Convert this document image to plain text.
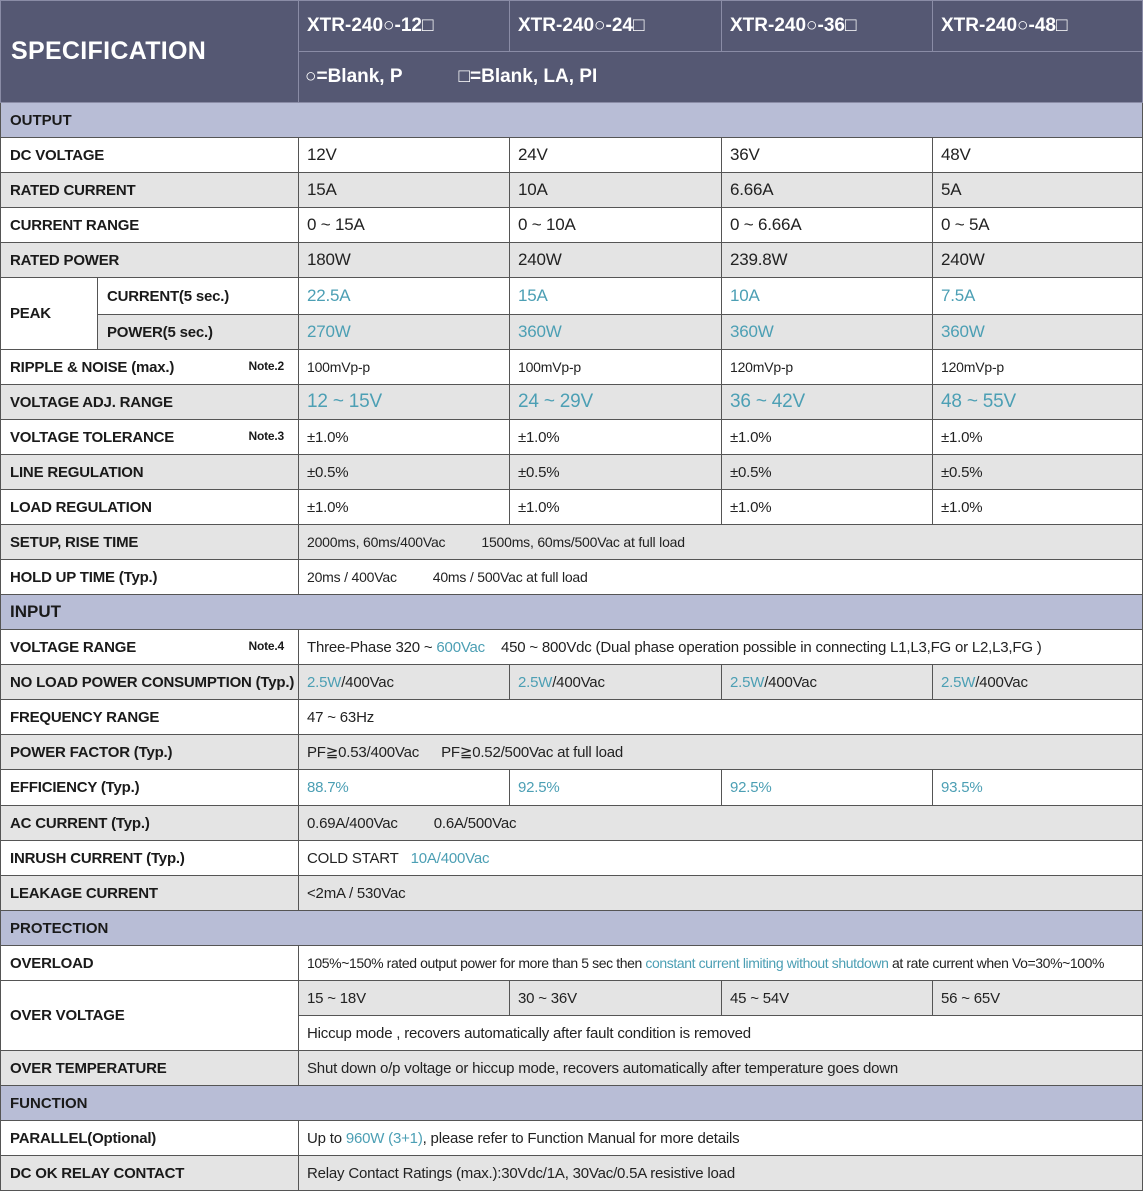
SPECIFICATION		XTR-240○-12□	XTR-240○-24□	XTR-240○-36□	XTR-240○-48□
		○=Blank, P □=Blank, LA, PI			
OUTPUT					
DC VOLTAGE		12V	24V	36V	48V
RATED CURRENT		15A	10A	6.66A	5A
CURRENT RANGE		0 ~ 15A	0 ~ 10A	0 ~ 6.66A	0 ~ 5A
RATED POWER		180W	240W	239.8W	240W
PEAK	CURRENT(5 sec.)	22.5A	15A	10A	7.5A
	POWER(5 sec.)	270W	360W	360W	360W
RIPPLE & NOISE (max.) Note.2		100mVp-p	100mVp-p	120mVp-p	120mVp-p
VOLTAGE ADJ. RANGE		12 ~ 15V	24 ~ 29V	36 ~ 42V	48 ~ 55V
VOLTAGE TOLERANCE Note.3		±1.0%	±1.0%	±1.0%	±1.0%
LINE REGULATION		±0.5%	±0.5%	±0.5%	±0.5%
LOAD REGULATION		±1.0%	±1.0%	±1.0%	±1.0%
SETUP, RISE TIME		2000ms, 60ms/400Vac 1500ms, 60ms/500Vac at full load			
HOLD UP TIME (Typ.)		20ms / 400Vac 40ms / 500Vac at full load			
INPUT					
VOLTAGE RANGE Note.4		Three-Phase 320 ~ 600Vac 450 ~ 800Vdc (Dual phase operation possible in connecting L1,L3,FG or L2,L3,FG )			
NO LOAD POWER CONSUMPTION (Typ.)		2.5W/400Vac	2.5W/400Vac	2.5W/400Vac	2.5W/400Vac
FREQUENCY RANGE		47 ~ 63Hz			
POWER FACTOR (Typ.)		PF≧0.53/400Vac PF≧0.52/500Vac at full load			
EFFICIENCY (Typ.)		88.7%	92.5%	92.5%	93.5%
AC CURRENT (Typ.)		0.69A/400Vac 0.6A/500Vac			
INRUSH CURRENT (Typ.)		COLD START 10A/400Vac			
LEAKAGE CURRENT		<2mA / 530Vac			
PROTECTION					
OVERLOAD		105%~150% rated output power for more than 5 sec then constant current limiting without shutdown at rate current when Vo=30%~100%			
OVER VOLTAGE		15 ~ 18V	30 ~ 36V	45 ~ 54V	56 ~ 65V
		Hiccup mode , recovers automatically after fault condition is removed			
OVER TEMPERATURE		Shut down o/p voltage or hiccup mode, recovers automatically after temperature goes down			
FUNCTION					
PARALLEL(Optional)		Up to 960W (3+1), please refer to Function Manual for more details			
DC OK RELAY CONTACT		Relay Contact Ratings (max.):30Vdc/1A, 30Vac/0.5A resistive load			
